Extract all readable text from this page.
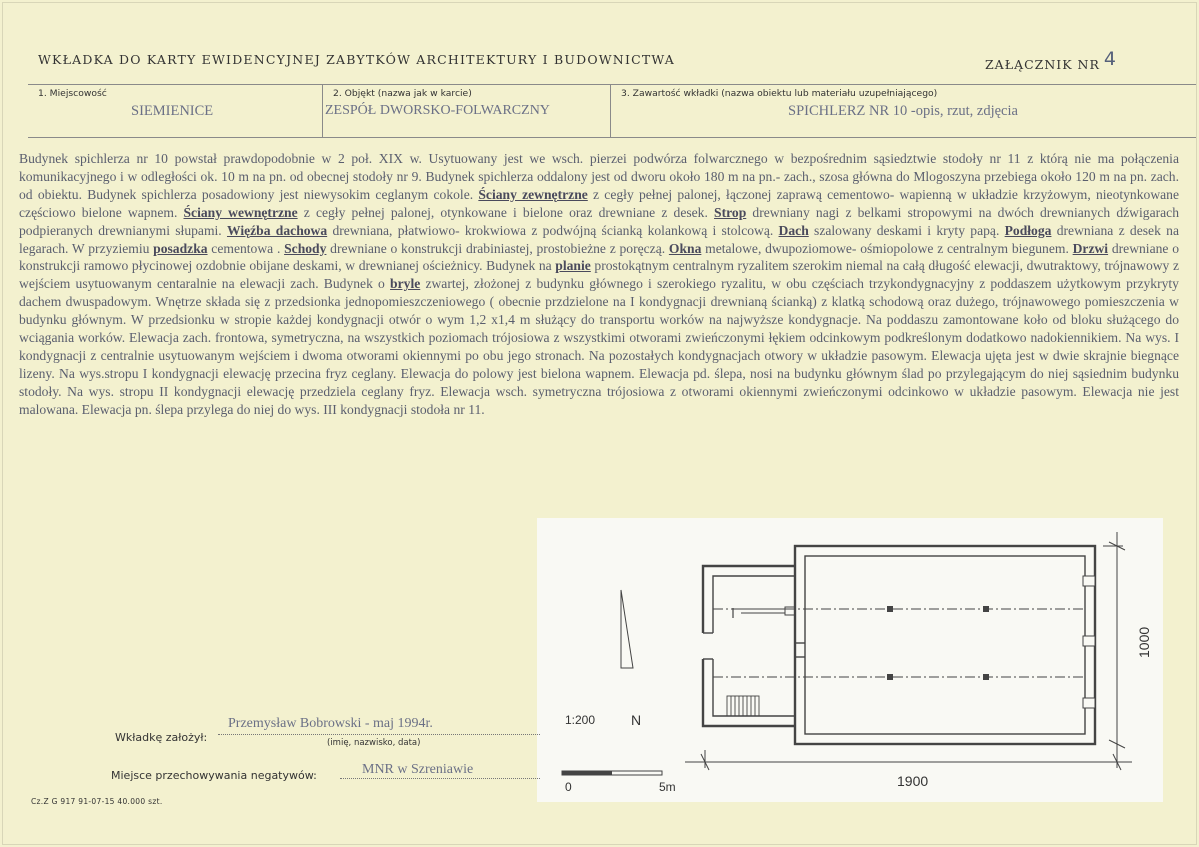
WKŁADKA DO KARTY EWIDENCYJNEJ ZABYTKÓW ARCHITEKTURY I BUDOWNICTWA	ZAŁĄCZNIK NR 4
1. Miejscowość
SIEMIENICE
2. Objękt (nazwa jak w karcie)
ZESPÓŁ DWORSKO-FOLWARCZNY
3. Zawartość wkładki (nazwa obiektu lub materiału uzupełniającego)
SPICHLERZ NR 10 -opis, rzut, zdjęcia

Budynek spichlerza nr 10 powstał prawdopodobnie w 2 poł. XIX w. Usytuowany jest we wsch. pierzei podwórza folwarcznego w bezpośrednim sąsiedztwie stodoły nr 11 z którą nie ma połączenia komunikacyjnego i w odległości ok. 10 m na pn. od obecnej stodoły nr 9. Budynek spichlerza oddalony jest od dworu około 180 m na pn.- zach., szosa główna do Mlogoszyna przebiega około 120 m na pn. zach. od obiektu. Budynek spichlerza posadowiony jest niewysokim ceglanym cokole. Ściany zewnętrzne z cegły pełnej palonej, łączonej zaprawą cementowo- wapienną w układzie krzyżowym, nieotynkowane częściowo bielone wapnem. Ściany wewnętrzne z cegły pełnej palonej, otynkowane i bielone oraz drewniane z desek. Strop drewniany nagi z belkami stropowymi na dwóch drewnianych dźwigarach podpieranych drewnianymi słupami. Więźba dachowa drewniana, płatwiowo- krokwiowa z podwójną ścianką kolankową i stolcową. Dach szalowany deskami i kryty papą. Podłoga drewniana z desek na legarach. W przyziemiu posadzka cementowa . Schody drewniane o konstrukcji drabiniastej, prostobieżne z poręczą. Okna metalowe, dwupoziomowe- ośmiopolowe z centralnym biegunem. Drzwi drewniane o konstrukcji ramowo płycinowej ozdobnie obijane deskami, w drewnianej ościeżnicy. Budynek na planie prostokątnym centralnym ryzalitem szerokim niemal na całą długość elewacji, dwutraktowy, trójnawowy z wejściem usytuowanym centaralnie na elewacji zach. Budynek o bryle zwartej, złożonej z budynku głównego i szerokiego ryzalitu, w obu częściach trzykondygnacyjny z poddaszem użytkowym przykryty dachem dwuspadowym. Wnętrze składa się z przedsionka jednopomieszczeniowego ( obecnie przdzielone na I kondygnacji drewnianą ścianką) z klatką schodową oraz dużego, trójnawowego pomieszczenia w budynku głównym. W przedsionku w stropie każdej kondygnacji otwór o wym 1,2 x1,4 m służący do transportu worków na najwyższe kondygnacje. Na poddaszu zamontowane koło od bloku służącego do wciągania worków. Elewacja zach. frontowa, symetryczna, na wszystkich poziomach trójosiowa z wszystkimi otworami zwieńczonymi łękiem odcinkowym podkreślonym dodatkowo nadokiennikiem. Na wys. I kondygnacji z centralnie usytuowanym wejściem i dwoma otworami okiennymi po obu jego stronach. Na pozostałych kondygnacjach otwory w układzie pasowym. Elewacja ujęta jest w dwie skrajnie biegnące lizeny. Na wys.stropu I kondygnacji elewację przecina fryz ceglany. Elewacja do polowy jest bielona wapnem. Elewacja pd. ślepa, nosi na budynku głównym ślad po przylegającym do niej sąsiednim budynku stodoły. Na wys. stropu II kondygnacji elewację przedziela ceglany fryz. Elewacja wsch. symetryczna trójosiowa z otworami okiennymi zwieńczonymi odcinkowo w układzie pasowym. Elewacja nie jest malowana. Elewacja pn. ślepa przylega do niej do wys. III kondygnacji stodoła nr 11.

N
1:200
0	5m	1900
1000
Wkładkę założył:
Przemysław Bobrowski - maj 1994r.
(imię, nazwisko, data)
Miejsce przechowywania negatywów:	MNR w Szreniawie
Cz.Z G 917 91-07-15 40.000 szt.
